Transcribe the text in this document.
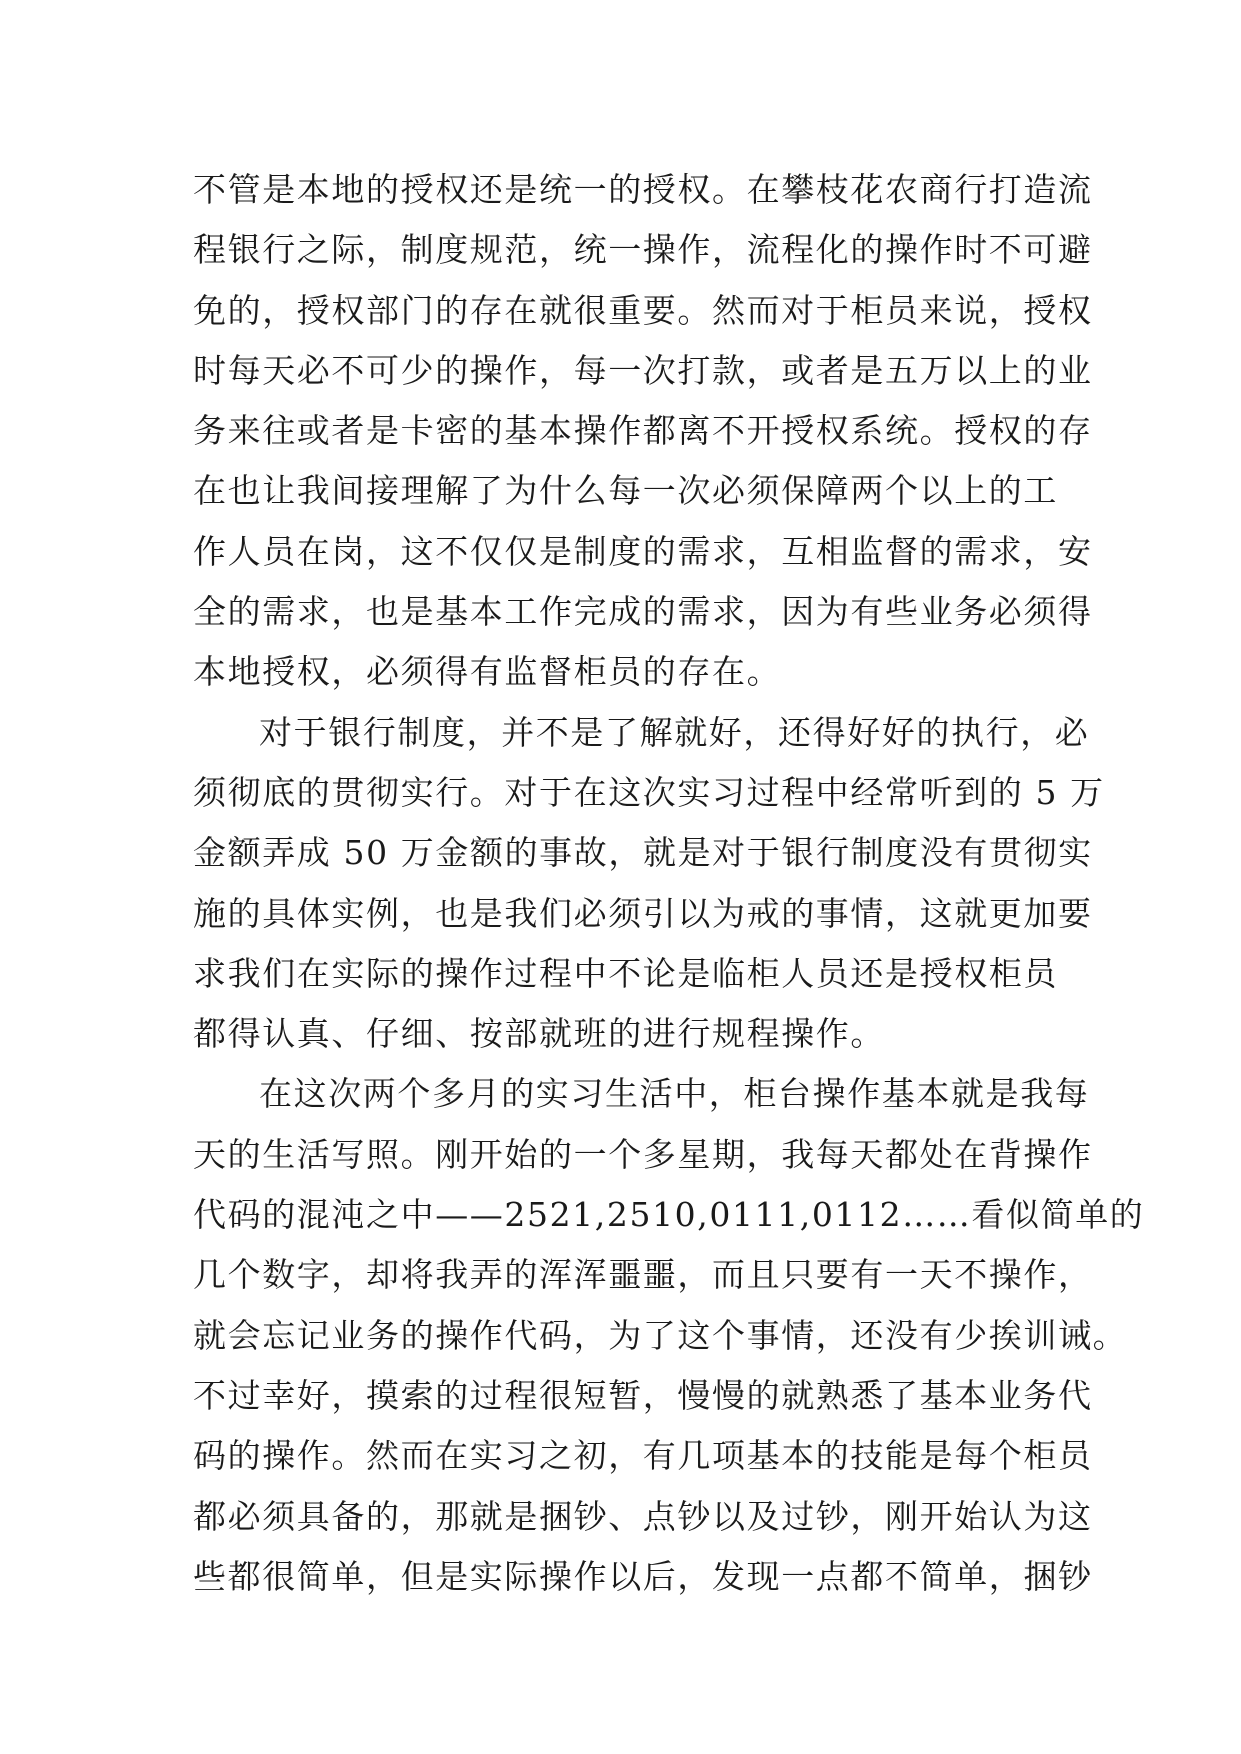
不管是本地的授权还是统一的授权。在攀枝花农商行打造流
程银行之际，制度规范，统一操作，流程化的操作时不可避
免的，授权部门的存在就很重要。然而对于柜员来说，授权
时每天必不可少的操作，每一次打款，或者是五万以上的业
务来往或者是卡密的基本操作都离不开授权系统。授权的存
在也让我间接理解了为什么每一次必须保障两个以上的工
作人员在岗，这不仅仅是制度的需求，互相监督的需求，安
全的需求，也是基本工作完成的需求，因为有些业务必须得
本地授权，必须得有监督柜员的存在。
对于银行制度，并不是了解就好，还得好好的执行，必
须彻底的贯彻实行。对于在这次实习过程中经常听到的 5 万
金额弄成 50 万金额的事故，就是对于银行制度没有贯彻实
施的具体实例，也是我们必须引以为戒的事情，这就更加要
求我们在实际的操作过程中不论是临柜人员还是授权柜员
都得认真、仔细、按部就班的进行规程操作。
在这次两个多月的实习生活中，柜台操作基本就是我每
天的生活写照。刚开始的一个多星期，我每天都处在背操作
代码的混沌之中——2521,2510,0111,0112……看似简单的
几个数字，却将我弄的浑浑噩噩，而且只要有一天不操作，
就会忘记业务的操作代码，为了这个事情，还没有少挨训诫。
不过幸好，摸索的过程很短暂，慢慢的就熟悉了基本业务代
码的操作。然而在实习之初，有几项基本的技能是每个柜员
都必须具备的，那就是捆钞、点钞以及过钞，刚开始认为这
些都很简单，但是实际操作以后，发现一点都不简单，捆钞
